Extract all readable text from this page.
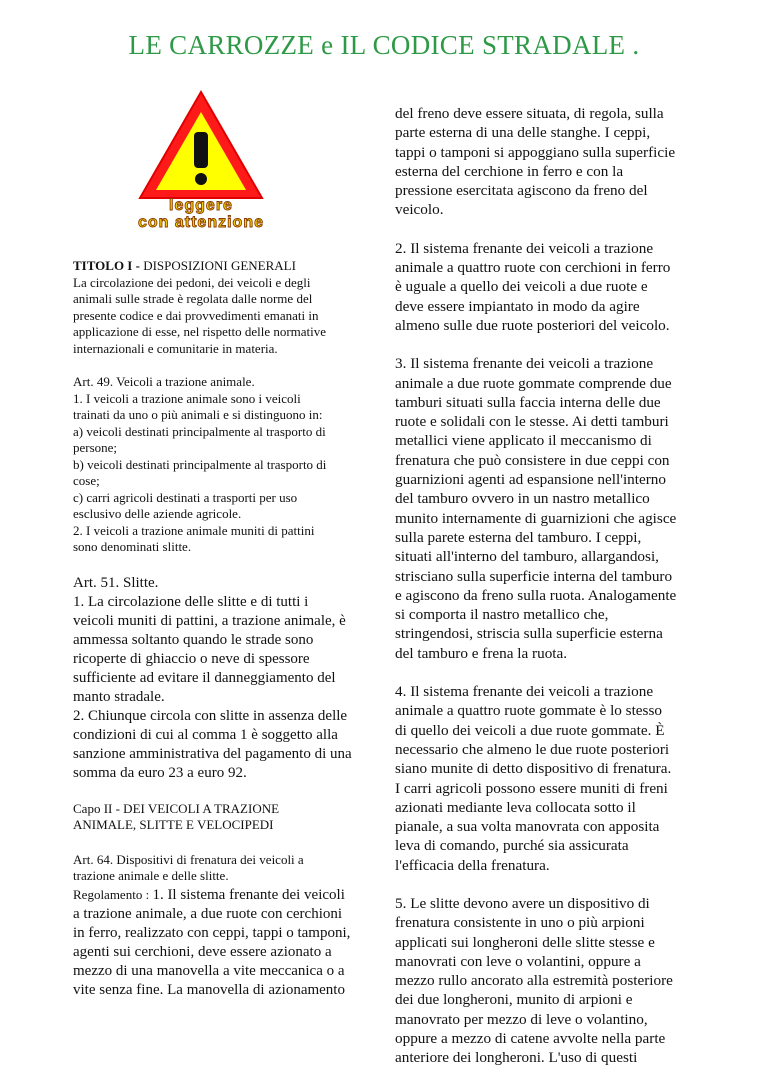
LE CARROZZE e IL CODICE STRADALE .
leggere
con attenzione

TITOLO I - DISPOSIZIONI GENERALI

La circolazione dei pedoni, dei veicoli e degli
animali sulle strade è regolata dalle norme del
presente codice e dai provvedimenti emanati in
applicazione di esse, nel rispetto delle normative
internazionali e comunitarie in materia.
Art. 49. Veicoli a trazione animale.
1. I veicoli a trazione animale sono i veicoli
trainati da uno o più animali e si distinguono in:
a) veicoli destinati principalmente al trasporto di
persone;
b) veicoli destinati principalmente al trasporto di
cose;
c) carri agricoli destinati a trasporti per uso
esclusivo delle aziende agricole.
2. I veicoli a trazione animale muniti di pattini
sono denominati slitte.
Art. 51. Slitte.
1. La circolazione delle slitte e di tutti i
veicoli muniti di pattini, a trazione animale, è
ammessa soltanto quando le strade sono
ricoperte di ghiaccio o neve di spessore
sufficiente ad evitare il danneggiamento del
manto stradale.
2. Chiunque circola con slitte in assenza delle
condizioni di cui al comma 1 è soggetto alla
sanzione amministrativa del pagamento di una
somma da euro 23 a euro 92.
Capo II - DEI VEICOLI A TRAZIONE
ANIMALE, SLITTE E VELOCIPEDI
Art. 64. Dispositivi di frenatura dei veicoli a
trazione animale e delle slitte.
Regolamento : 1. Il sistema frenante dei veicoli
a trazione animale, a due ruote con cerchioni
in ferro, realizzato con ceppi, tappi o tamponi,
agenti sui cerchioni, deve essere azionato a
mezzo di una manovella a vite meccanica o a
vite senza fine. La manovella di azionamento
del freno deve essere situata, di regola, sulla
parte esterna di una delle stanghe. I ceppi,
tappi o tamponi si appoggiano sulla superficie
esterna del cerchione in ferro e con la
pressione esercitata agiscono da freno del
veicolo.
2. Il sistema frenante dei veicoli a trazione
animale a quattro ruote con cerchioni in ferro
è uguale a quello dei veicoli a due ruote e
deve essere impiantato in modo da agire
almeno sulle due ruote posteriori del veicolo.
3. Il sistema frenante dei veicoli a trazione
animale a due ruote gommate comprende due
tamburi situati sulla faccia interna delle due
ruote e solidali con le stesse. Ai detti tamburi
metallici viene applicato il meccanismo di
frenatura che può consistere in due ceppi con
guarnizioni agenti ad espansione nell'interno
del tamburo ovvero in un nastro metallico
munito internamente di guarnizioni che agisce
sulla parete esterna del tamburo. I ceppi,
situati all'interno del tamburo, allargandosi,
strisciano sulla superficie interna del tamburo
e agiscono da freno sulla ruota. Analogamente
si comporta il nastro metallico che,
stringendosi, striscia sulla superficie esterna
del tamburo e frena la ruota.
4. Il sistema frenante dei veicoli a trazione
animale a quattro ruote gommate è lo stesso
di quello dei veicoli a due ruote gommate. È
necessario che almeno le due ruote posteriori
siano munite di detto dispositivo di frenatura.
I carri agricoli possono essere muniti di freni
azionati mediante leva collocata sotto il
pianale, a sua volta manovrata con apposita
leva di comando, purché sia assicurata
l'efficacia della frenatura.
5. Le slitte devono avere un dispositivo di
frenatura consistente in uno o più arpioni
applicati sui longheroni delle slitte stesse e
manovrati con leve o volantini, oppure a
mezzo rullo ancorato alla estremità posteriore
dei due longheroni, munito di arpioni e
manovrato per mezzo di leve o volantino,
oppure a mezzo di catene avvolte nella parte
anteriore dei longheroni. L'uso di questi
